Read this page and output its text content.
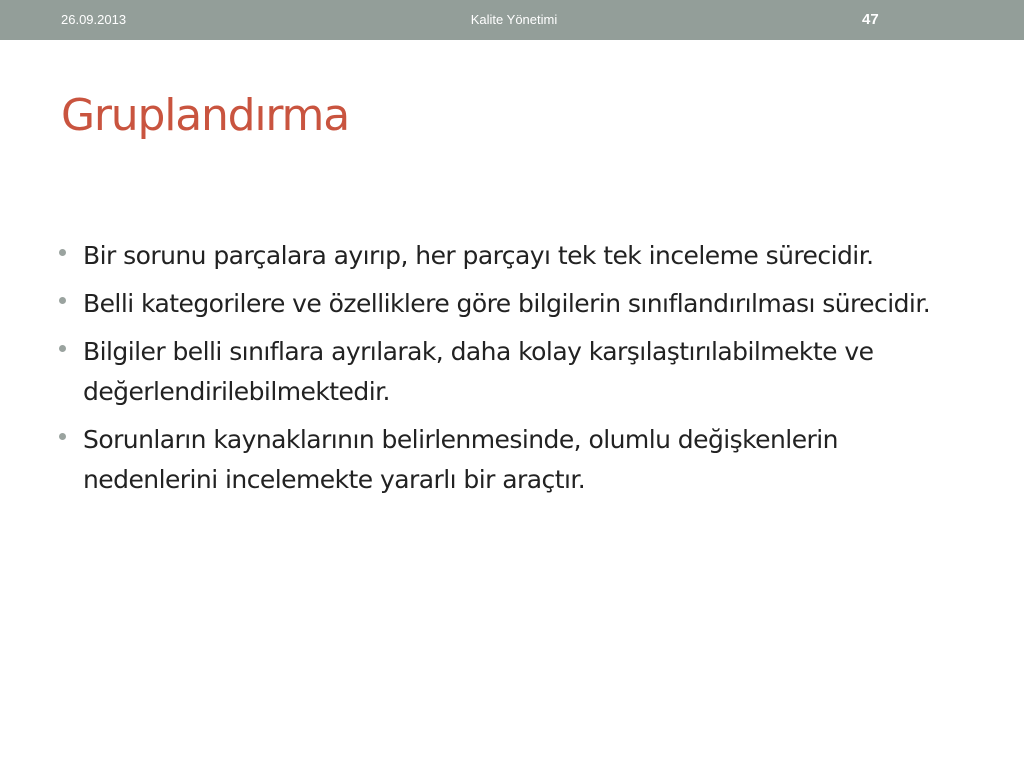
26.09.2013	Kalite Yönetimi	47
Gruplandırma
Bir sorunu parçalara ayırıp, her parçayı tek tek inceleme sürecidir.
Belli kategorilere ve özelliklere göre bilgilerin sınıflandırılması sürecidir.
Bilgiler belli sınıflara ayrılarak, daha kolay karşılaştırılabilmekte ve değerlendirilebilmektedir.
Sorunların kaynaklarının belirlenmesinde, olumlu değişkenlerin nedenlerini incelemekte yararlı bir araçtır.
